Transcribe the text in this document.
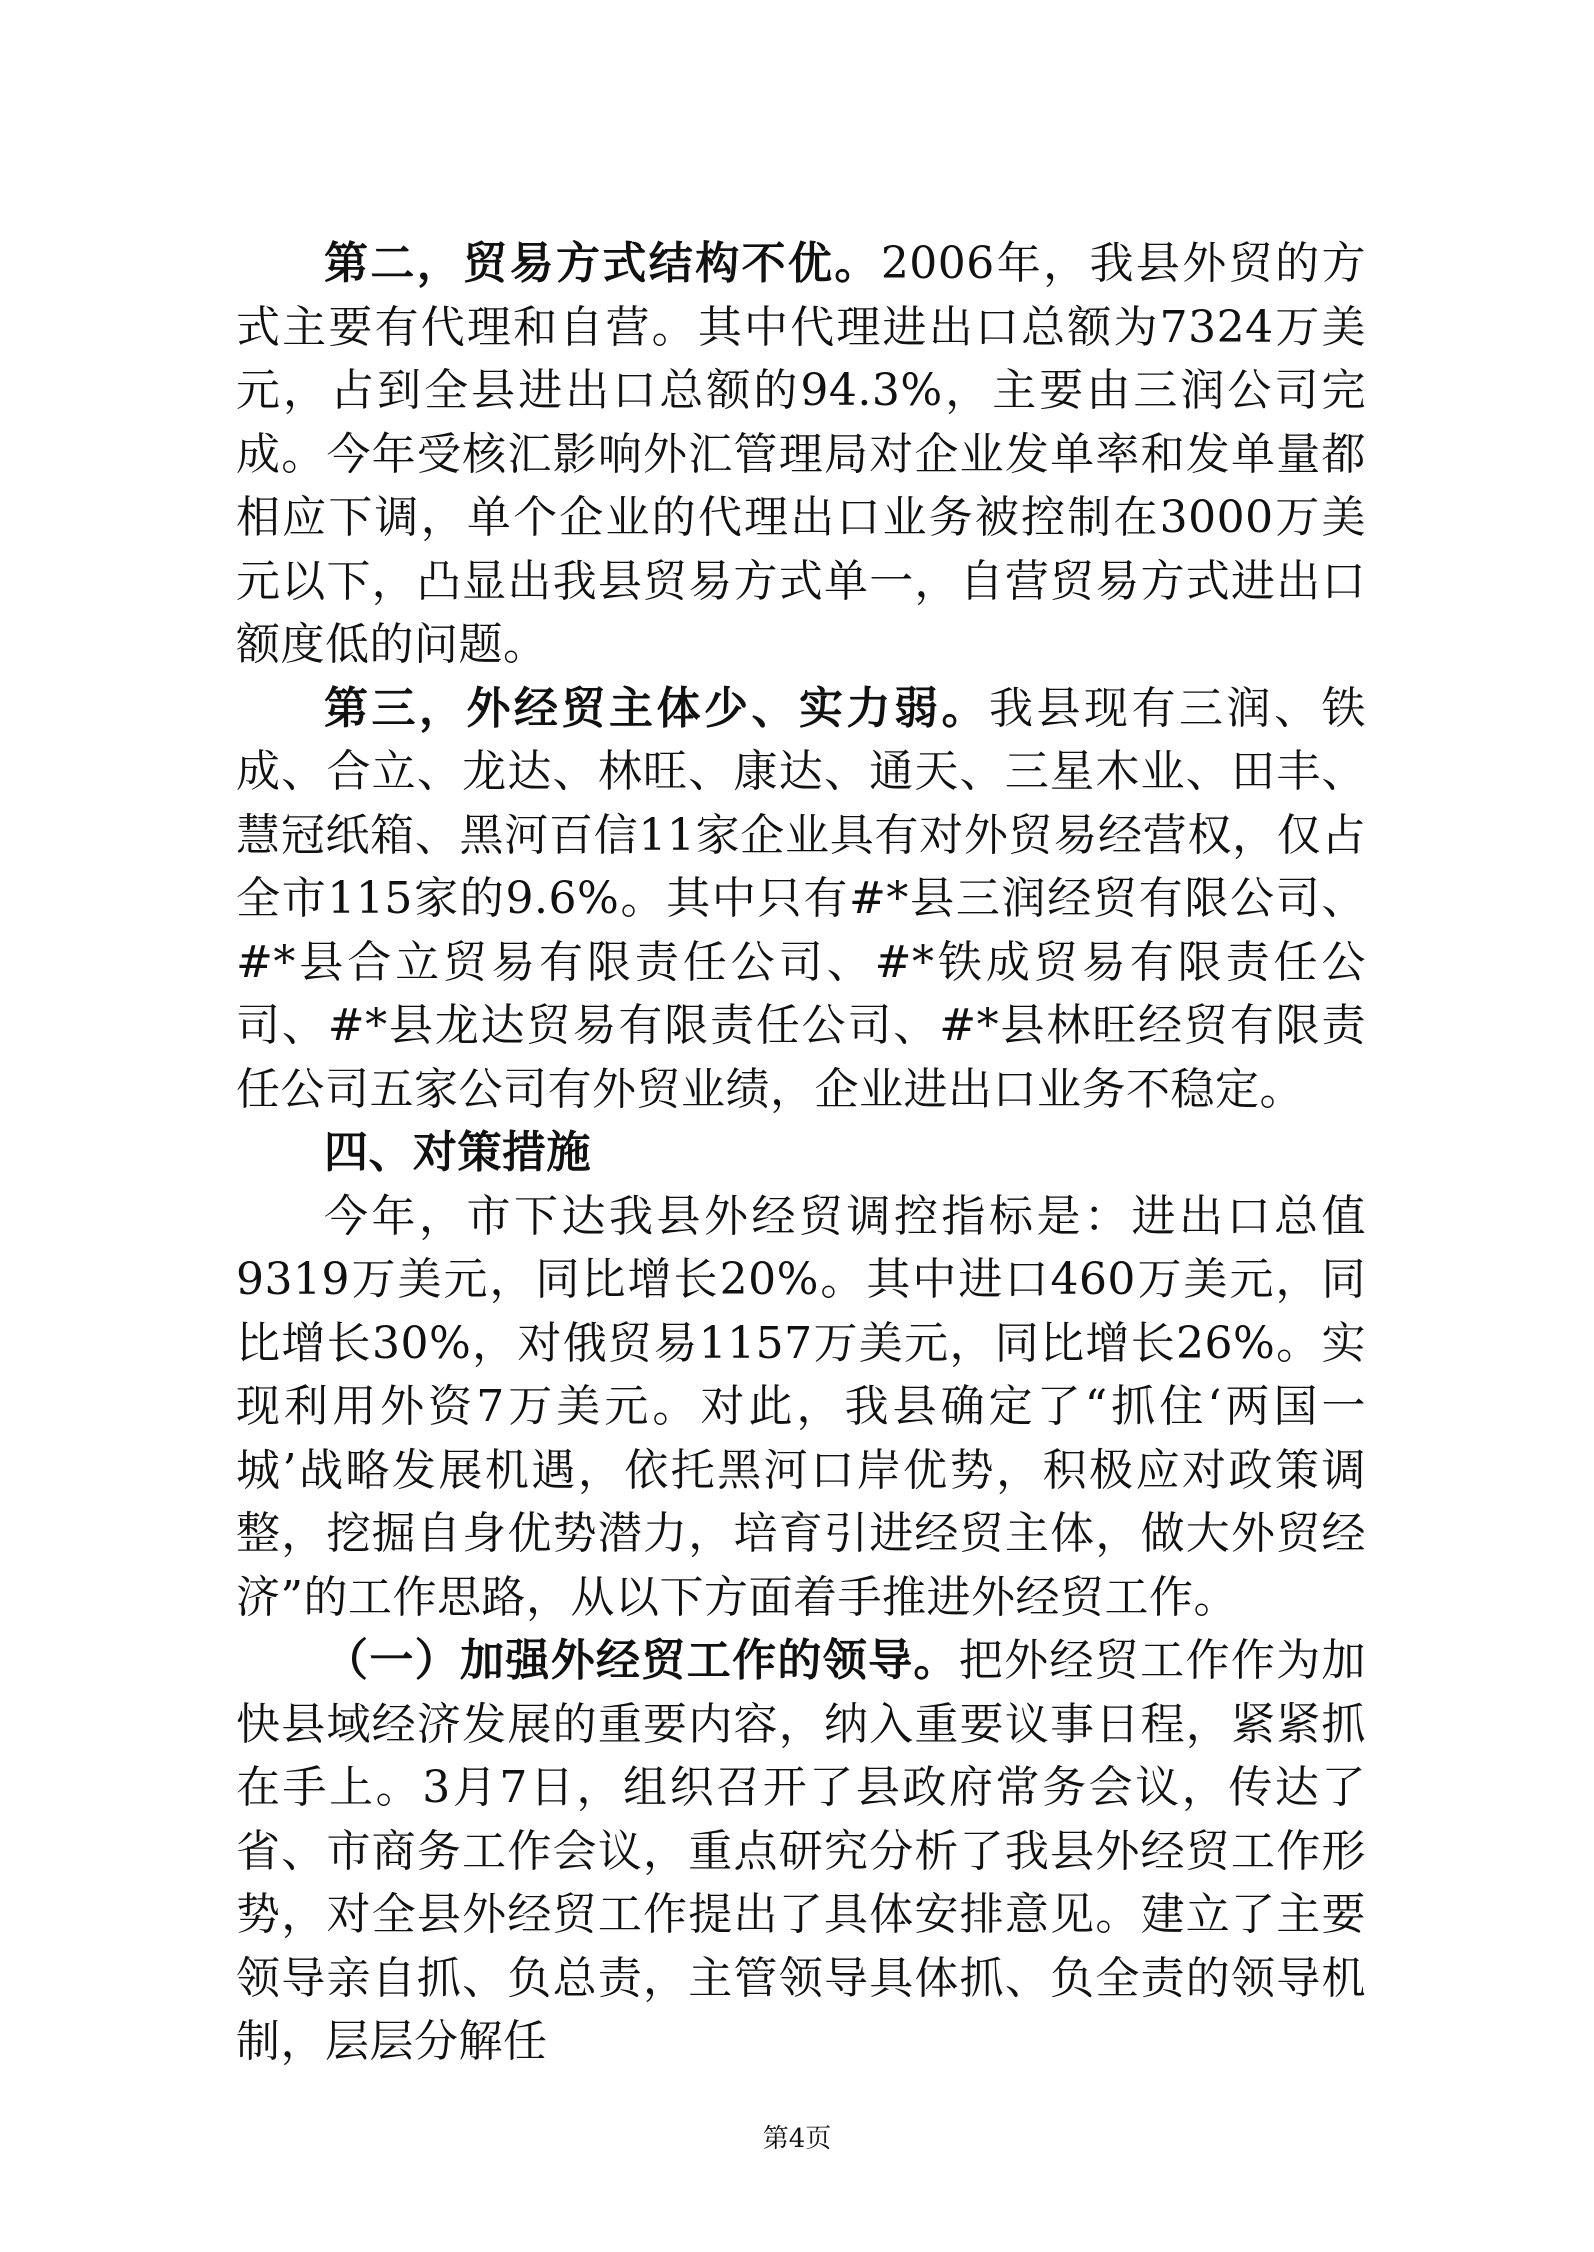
第二，贸易方式结构不优。2006年，我县外贸的方式主要有代理和自营。其中代理进出口总额为7324万美元，占到全县进出口总额的94.3%，主要由三润公司完成。今年受核汇影响外汇管理局对企业发单率和发单量都相应下调，单个企业的代理出口业务被控制在3000万美元以下，凸显出我县贸易方式单一，自营贸易方式进出口额度低的问题。

第三，外经贸主体少、实力弱。我县现有三润、铁成、合立、龙达、林旺、康达、通天、三星木业、田丰、慧冠纸箱、黑河百信11家企业具有对外贸易经营权，仅占全市115家的9.6%。其中只有#*县三润经贸有限公司、#*县合立贸易有限责任公司、#*铁成贸易有限责任公司、#*县龙达贸易有限责任公司、#*县林旺经贸有限责任公司五家公司有外贸业绩，企业进出口业务不稳定。

四、对策措施

今年，市下达我县外经贸调控指标是：进出口总值9319万美元，同比增长20%。其中进口460万美元，同比增长30%，对俄贸易1157万美元，同比增长26%。实现利用外资7万美元。对此，我县确定了“抓住‘两国一城’战略发展机遇，依托黑河口岸优势，积极应对政策调整，挖掘自身优势潜力，培育引进经贸主体，做大外贸经济”的工作思路，从以下方面着手推进外经贸工作。

（一）加强外经贸工作的领导。把外经贸工作作为加快县域经济发展的重要内容，纳入重要议事日程，紧紧抓在手上。3月7日，组织召开了县政府常务会议，传达了省、市商务工作会议，重点研究分析了我县外经贸工作形势，对全县外经贸工作提出了具体安排意见。建立了主要领导亲自抓、负总责，主管领导具体抓、负全责的领导机制，层层分解任

第4页
